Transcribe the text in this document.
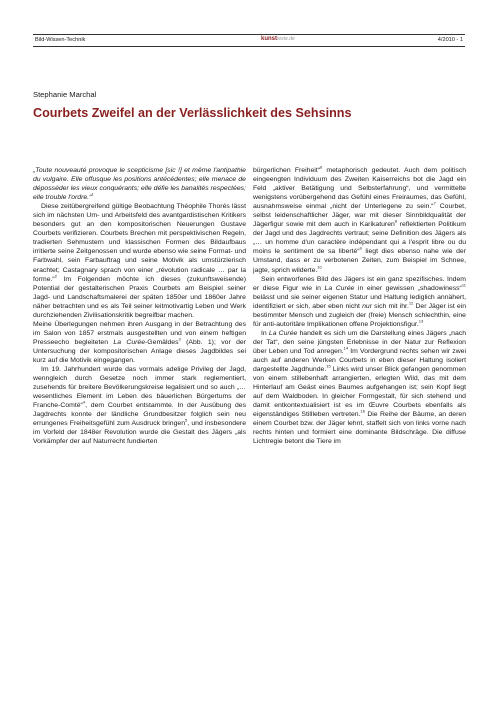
Bild-Wissen-Technik	kunsttexte.de	4/2010 - 1
Stephanie Marchal
Courbets Zweifel an der Verlässlichkeit des Sehsinns

„Toute nouveauté provoque le scepticisme [sic !] et même l'antipathie du vulgaire. Elle offusque les positions antécédentes; elle menace de déposséder les vieux conquérants; elle défie les banalités respectées; elle trouble l'ordre.“$^1$

Diese zeitübergreifend gültige Beobachtung Théophile Thorés lässt sich im nächsten Um- und Arbeitsfeld des avantgardistischen Kritikers besonders gut an den kompositorischen Neuerungen Gustave Courbets verifizieren. Courbets Brechen mit perspektivischen Regeln, tradierten Sehmustern und klassischen Formen des Bildaufbaus irritierte seine Zeitgenossen und wurde ebenso wie seine Format- und Farbwahl, sein Farbauftrag und seine Motivik als umstürzlerisch erachtet; Castagnary sprach von einer „révolution radicale … par la forme.“$^2$ Im Folgenden möchte ich dieses (zukunftsweisende) Potential der gestalterischen Praxis Courbets am Beispiel seiner Jagd- und Landschaftsmalerei der späten 1850er und 1860er Jahre näher betrachten und es als Teil seiner leitmotivartig Leben und Werk durchziehenden Zivilisationskritik begreifbar machen.

Meine Überlegungen nehmen ihren Ausgang in der Betrachtung des im Salon von 1857 erstmals ausgestellten und von einem heftigen Presseecho begleiteten La Curée-Gemäldes$^3$ (Abb. 1); vor der Untersuchung der kompositorischen Anlage dieses Jagdbildes sei kurz auf die Motivik eingegangen.

Im 19. Jahrhundert wurde das vormals adelige Privileg der Jagd, wenngleich durch Gesetze noch immer stark reglementiert, zusehends für breitere Bevölkerungskreise legalisiert und so auch „… wesentliches Element im Leben des bäuerlichen Bürgertums der Franche-Comté“$^4$, dem Courbet entstammte. In der Ausübung des Jagdrechts konnte der ländliche Grundbesitzer folglich sein neu errungenes Freiheitsgefühl zum Ausdruck bringen$^5$, und insbesondere im Vorfeld der 1848er Revolution wurde die Gestalt des Jägers „als Vorkämpfer der auf Naturrecht fundierten

bürgerlichen Freiheit“$^6$ metaphorisch gedeutet. Auch dem politisch eingeengten Individuum des Zweiten Kaiserreichs bot die Jagd ein Feld „aktiver Betätigung und Selbsterfahrung“, und vermittelte wenigstens vorübergehend das Gefühl eines Freiraumes, das Gefühl, ausnahmsweise einmal „nicht der Unterlegene zu sein.“$^7$ Courbet, selbst leidenschaftlicher Jäger, war mit dieser Sinnbildqualität der Jägerfigur sowie mit dem auch in Karikaturen$^8$ reflektierten Politikum der Jagd und des Jagdrechts vertraut; seine Definition des Jägers als „… un homme d'un caractère indépendant qui a l'esprit libre ou du moins le sentiment de sa liberté“$^9$ liegt dies ebenso nahe wie der Umstand, dass er zu verbotenen Zeiten, zum Beispiel im Schnee, jagte, sprich wilderte.$^{10}$

Sein entworfenes Bild des Jägers ist ein ganz spezifisches. Indem er diese Figur wie in La Curée in einer gewissen „shadowiness“$^{11}$ belässt und sie seiner eigenen Statur und Haltung lediglich annähert, identifiziert er sich, aber eben nicht nur sich mit ihr.$^{12}$ Der Jäger ist ein bestimmter Mensch und zugleich der (freie) Mensch schlechthin, eine für anti-autoritäre Implikationen offene Projektionsfigur.$^{13}$

In La Curée handelt es sich um die Darstellung eines Jägers „nach der Tat“, den seine jüngsten Erlebnisse in der Natur zur Reflexion über Leben und Tod anregen.$^{14}$ Im Vordergrund rechts sehen wir zwei auch auf anderen Werken Courbets in eben dieser Haltung isoliert dargestellte Jagdhunde.$^{15}$ Links wird unser Blick gefangen genommen von einem stillebenhaft arrangierten, erlegten Wild, das mit dem Hinterlauf am Geäst eines Baumes aufgehangen ist; sein Kopf liegt auf dem Waldboden. In gleicher Formgestalt, für sich stehend und damit entkontextualisiert ist es im Œuvre Courbets ebenfalls als eigenständiges Stillleben vertreten.$^{16}$ Die Reihe der Bäume, an deren einem Courbet bzw. der Jäger lehnt, staffelt sich von links vorne nach rechts hinten und formiert eine dominante Bildschräge. Die diffuse Lichtregie betont die Tiere im
